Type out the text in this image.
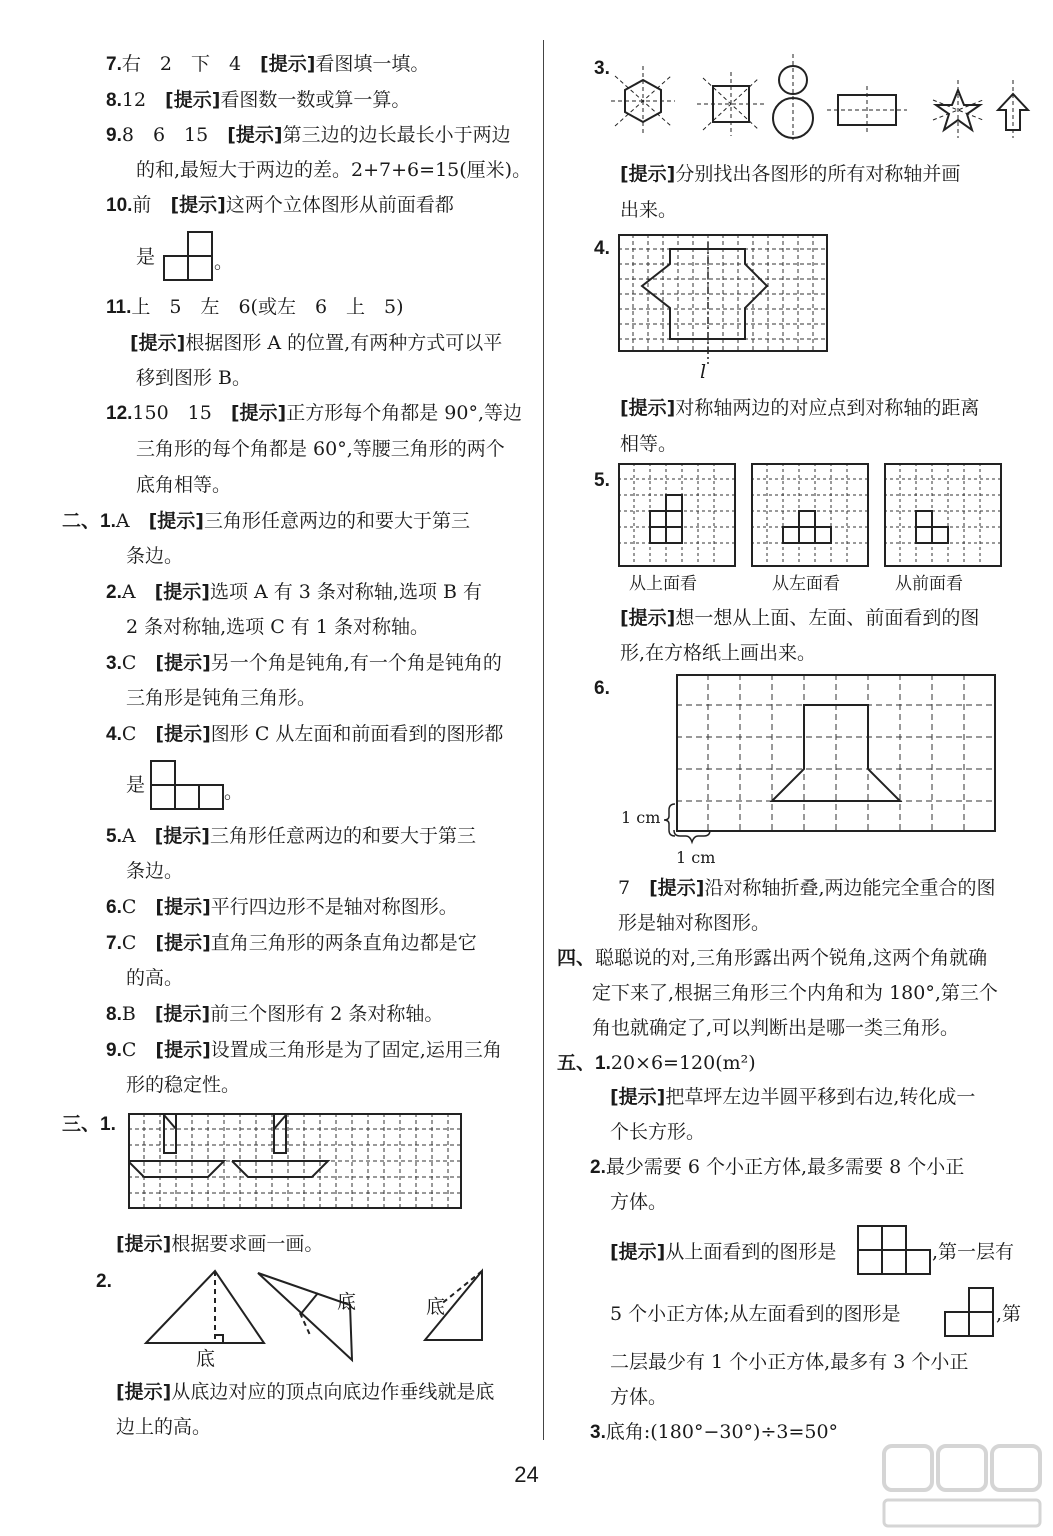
7.右　2　下　4　[提示]看图填一填。
8.12　[提示]看图数一数或算一算。
9.8　6　15　[提示]第三边的边长最长小于两边
的和,最短大于两边的差。2+7+6=15(厘米)。
10.前　[提示]这两个立体图形从前面看都
是	。
11.上　5　左　6(或左　6　上　5)
[提示]根据图形 A 的位置,有两种方式可以平
移到图形 B。
12.150　15　[提示]正方形每个角都是 90°,等边
三角形的每个角都是 60°,等腰三角形的两个
底角相等。
二、1.A　[提示]三角形任意两边的和要大于第三
条边。
2.A　[提示]选项 A 有 3 条对称轴,选项 B 有
2 条对称轴,选项 C 有 1 条对称轴。
3.C　[提示]另一个角是钝角,有一个角是钝角的
三角形是钝角三角形。
4.C　[提示]图形 C 从左面和前面看到的图形都
是	。
5.A　[提示]三角形任意两边的和要大于第三
条边。
6.C　[提示]平行四边形不是轴对称图形。
7.C　[提示]直角三角形的两条直角边都是它
的高。
8.B　[提示]前三个图形有 2 条对称轴。
9.C　[提示]设置成三角形是为了固定,运用三角
形的稳定性。
三、1.
[提示]根据要求画一画。
2.
底
底	底
[提示]从底边对应的顶点向底边作垂线就是底
边上的高。
3.
[提示]分别找出各图形的所有对称轴并画
出来。
4.
l
[提示]对称轴两边的对应点到对称轴的距离
相等。
5.
从上面看	从左面看	从前面看
[提示]想一想从上面、左面、前面看到的图
形,在方格纸上画出来。
6.
1 cm
1 cm
7　[提示]沿对称轴折叠,两边能完全重合的图
形是轴对称图形。
四、聪聪说的对,三角形露出两个锐角,这两个角就确
定下来了,根据三角形三个内角和为 180°,第三个
角也就确定了,可以判断出是哪一类三角形。
五、1.20×6=120(m²)
[提示]把草坪左边半圆平移到右边,转化成一
个长方形。
2.最少需要 6 个小正方体,最多需要 8 个小正
方体。
[提示]从上面看到的图形是	,第一层有
5 个小正方体;从左面看到的图形是	,第
二层最少有 1 个小正方体,最多有 3 个小正
方体。
3.底角:(180°−30°)÷3=50°
24
